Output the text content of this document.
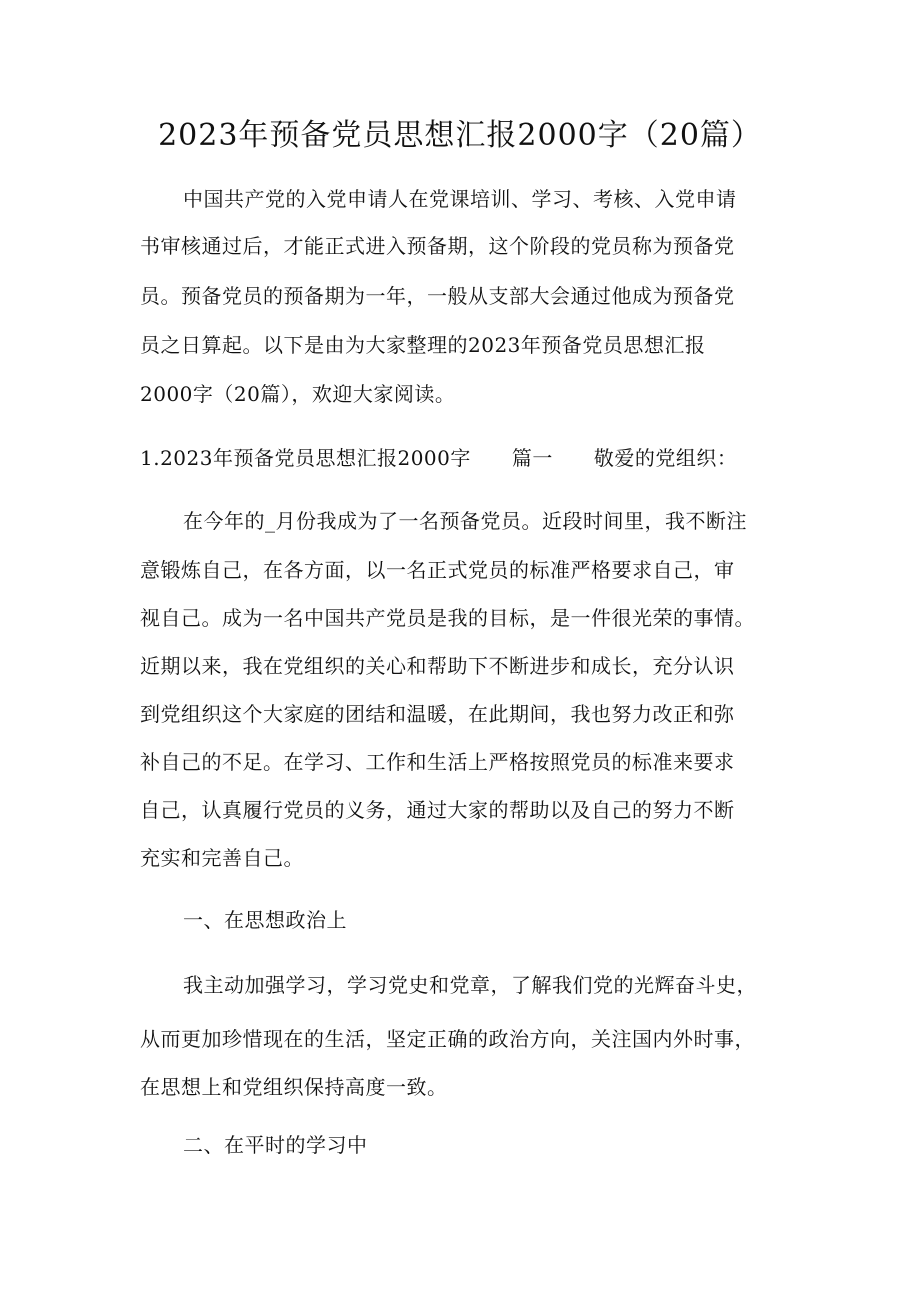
2023年预备党员思想汇报2000字（20篇）
中国共产党的入党申请人在党课培训、学习、考核、入党申请
书审核通过后，才能正式进入预备期，这个阶段的党员称为预备党
员。预备党员的预备期为一年，一般从支部大会通过他成为预备党
员之日算起。以下是由为大家整理的2023年预备党员思想汇报
2000字（20篇），欢迎大家阅读。
1.2023年预备党员思想汇报2000字　　篇一　　敬爱的党组织：
在今年的_月份我成为了一名预备党员。近段时间里，我不断注
意锻炼自己，在各方面，以一名正式党员的标准严格要求自己，审
视自己。成为一名中国共产党员是我的目标，是一件很光荣的事情。
近期以来，我在党组织的关心和帮助下不断进步和成长，充分认识
到党组织这个大家庭的团结和温暖，在此期间，我也努力改正和弥
补自己的不足。在学习、工作和生活上严格按照党员的标准来要求
自己，认真履行党员的义务，通过大家的帮助以及自己的努力不断
充实和完善自己。
一、在思想政治上
我主动加强学习，学习党史和党章，了解我们党的光辉奋斗史，
从而更加珍惜现在的生活，坚定正确的政治方向，关注国内外时事，
在思想上和党组织保持高度一致。
二、在平时的学习中
